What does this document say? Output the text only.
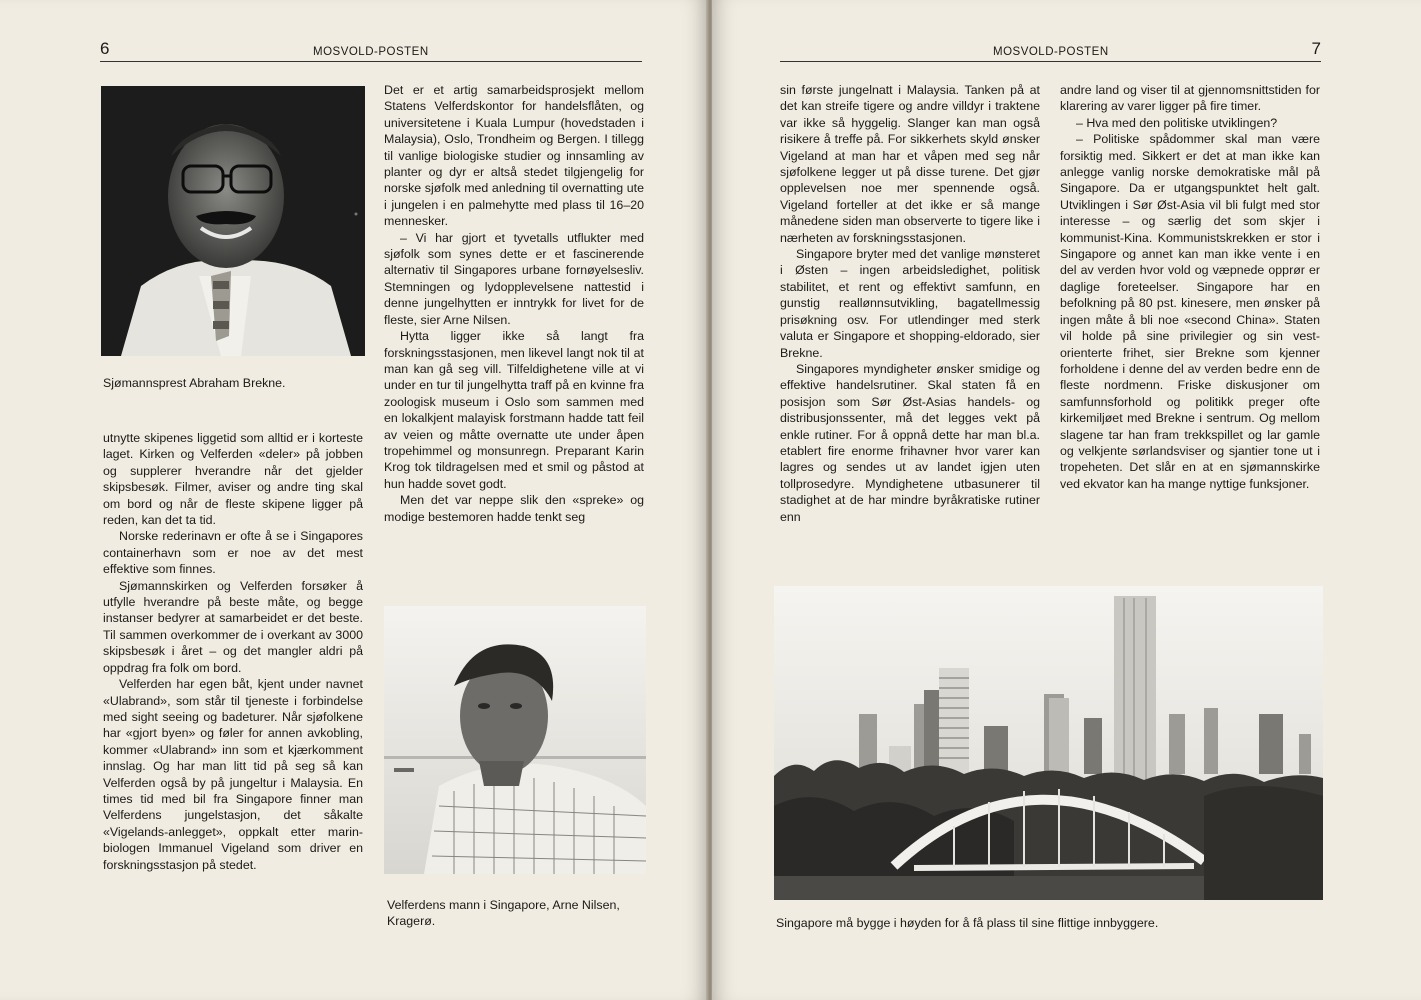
6	MOSVOLD-POSTEN
Sjømannsprest Abraham Brekne.

utnytte skipenes liggetid som alltid er i korteste laget. Kirken og Velferden «deler» på jobben og supplerer hverandre når det gjelder skipsbesøk. Filmer, aviser og andre ting skal om bord og når de fleste skipene ligger på reden, kan det ta tid.

Norske rederinavn er ofte å se i Singapores containerhavn som er noe av det mest effektive som finnes.

Sjømannskirken og Velferden forsøker å utfylle hverandre på beste måte, og begge instanser bedyrer at samarbeidet er det beste. Til sammen overkommer de i overkant av 3000 skipsbesøk i året – og det mangler aldri på oppdrag fra folk om bord.

Velferden har egen båt, kjent under navnet «Ulabrand», som står til tjeneste i forbindelse med sight seeing og badeturer. Når sjøfolkene har «gjort byen» og føler for annen avkobling, kommer «Ulabrand» inn som et kjærkomment innslag. Og har man litt tid på seg så kan Velferden også by på jungeltur i Malaysia. En times tid med bil fra Singapore finner man Velferdens jungelstasjon, det såkalte «Vigelands-anlegget», oppkalt etter marin-biologen Immanuel Vigeland som driver en forskningsstasjon på stedet.

Det er et artig samarbeidsprosjekt mellom Statens Velferdskontor for handelsflåten, og universitetene i Kuala Lumpur (hovedstaden i Malaysia), Oslo, Trondheim og Bergen. I tillegg til vanlige biologiske studier og innsamling av planter og dyr er altså stedet tilgjengelig for norske sjøfolk med anledning til overnatting ute i jungelen i en palmehytte med plass til 16–20 mennesker.

– Vi har gjort et tyvetalls utflukter med sjøfolk som synes dette er et fascinerende alternativ til Singapores urbane fornøyelsesliv. Stemningen og lydopplevelsene nattestid i denne jungelhytten er inntrykk for livet for de fleste, sier Arne Nilsen.

Hytta ligger ikke så langt fra forskningsstasjonen, men likevel langt nok til at man kan gå seg vill. Tilfeldighetene ville at vi under en tur til jungelhytta traff på en kvinne fra zoologisk museum i Oslo som sammen med en lokalkjent malayisk forstmann hadde tatt feil av veien og måtte overnatte ute under åpen tropehimmel og monsunregn. Preparant Karin Krog tok tildragelsen med et smil og påstod at hun hadde sovet godt.

Men det var neppe slik den «spreke» og modige bestemoren hadde tenkt seg

Velferdens mann i Singapore, Arne Nilsen, Kragerø.
MOSVOLD-POSTEN	7

sin første jungelnatt i Malaysia. Tanken på at det kan streife tigere og andre villdyr i traktene var ikke så hyggelig. Slanger kan man også risikere å treffe på. For sikkerhets skyld ønsker Vigeland at man har et våpen med seg når sjøfolkene legger ut på disse turene. Det gjør opplevelsen noe mer spennende også. Vigeland forteller at det ikke er så mange månedene siden man observerte to tigere like i nærheten av forskningsstasjonen.

Singapore bryter med det vanlige mønsteret i Østen – ingen arbeidsledighet, politisk stabilitet, et rent og effektivt samfunn, en gunstig reallønnsutvikling, bagatellmessig prisøkning osv. For utlendinger med sterk valuta er Singapore et shopping-eldorado, sier Brekne.

Singapores myndigheter ønsker smidige og effektive handelsrutiner. Skal staten få en posisjon som Sør Øst-Asias handels- og distribusjonssenter, må det legges vekt på enkle rutiner. For å oppnå dette har man bl.a. etablert fire enorme frihavner hvor varer kan lagres og sendes ut av landet igjen uten tollprosedyre. Myndighetene utbasunerer til stadighet at de har mindre byråkratiske rutiner enn

andre land og viser til at gjennomsnittstiden for klarering av varer ligger på fire timer.

– Hva med den politiske utviklingen?

– Politiske spådommer skal man være forsiktig med. Sikkert er det at man ikke kan anlegge vanlig norske demokratiske mål på Singapore. Da er utgangspunktet helt galt. Utviklingen i Sør Øst-Asia vil bli fulgt med stor interesse – og særlig det som skjer i kommunist-Kina. Kommunistskrekken er stor i Singapore og annet kan man ikke vente i en del av verden hvor vold og væpnede opprør er daglige foreteelser. Singapore har en befolkning på 80 pst. kinesere, men ønsker på ingen måte å bli noe «second China». Staten vil holde på sine privilegier og sin vest-orienterte frihet, sier Brekne som kjenner forholdene i denne del av verden bedre enn de fleste nordmenn. Friske diskusjoner om samfunnsforhold og politikk preger ofte kirkemiljøet med Brekne i sentrum. Og mellom slagene tar han fram trekkspillet og lar gamle og velkjente sørlandsviser og sjantier tone ut i tropeheten. Det slår en at en sjømannskirke ved ekvator kan ha mange nyttige funksjoner.

Singapore må bygge i høyden for å få plass til sine flittige innbyggere.
